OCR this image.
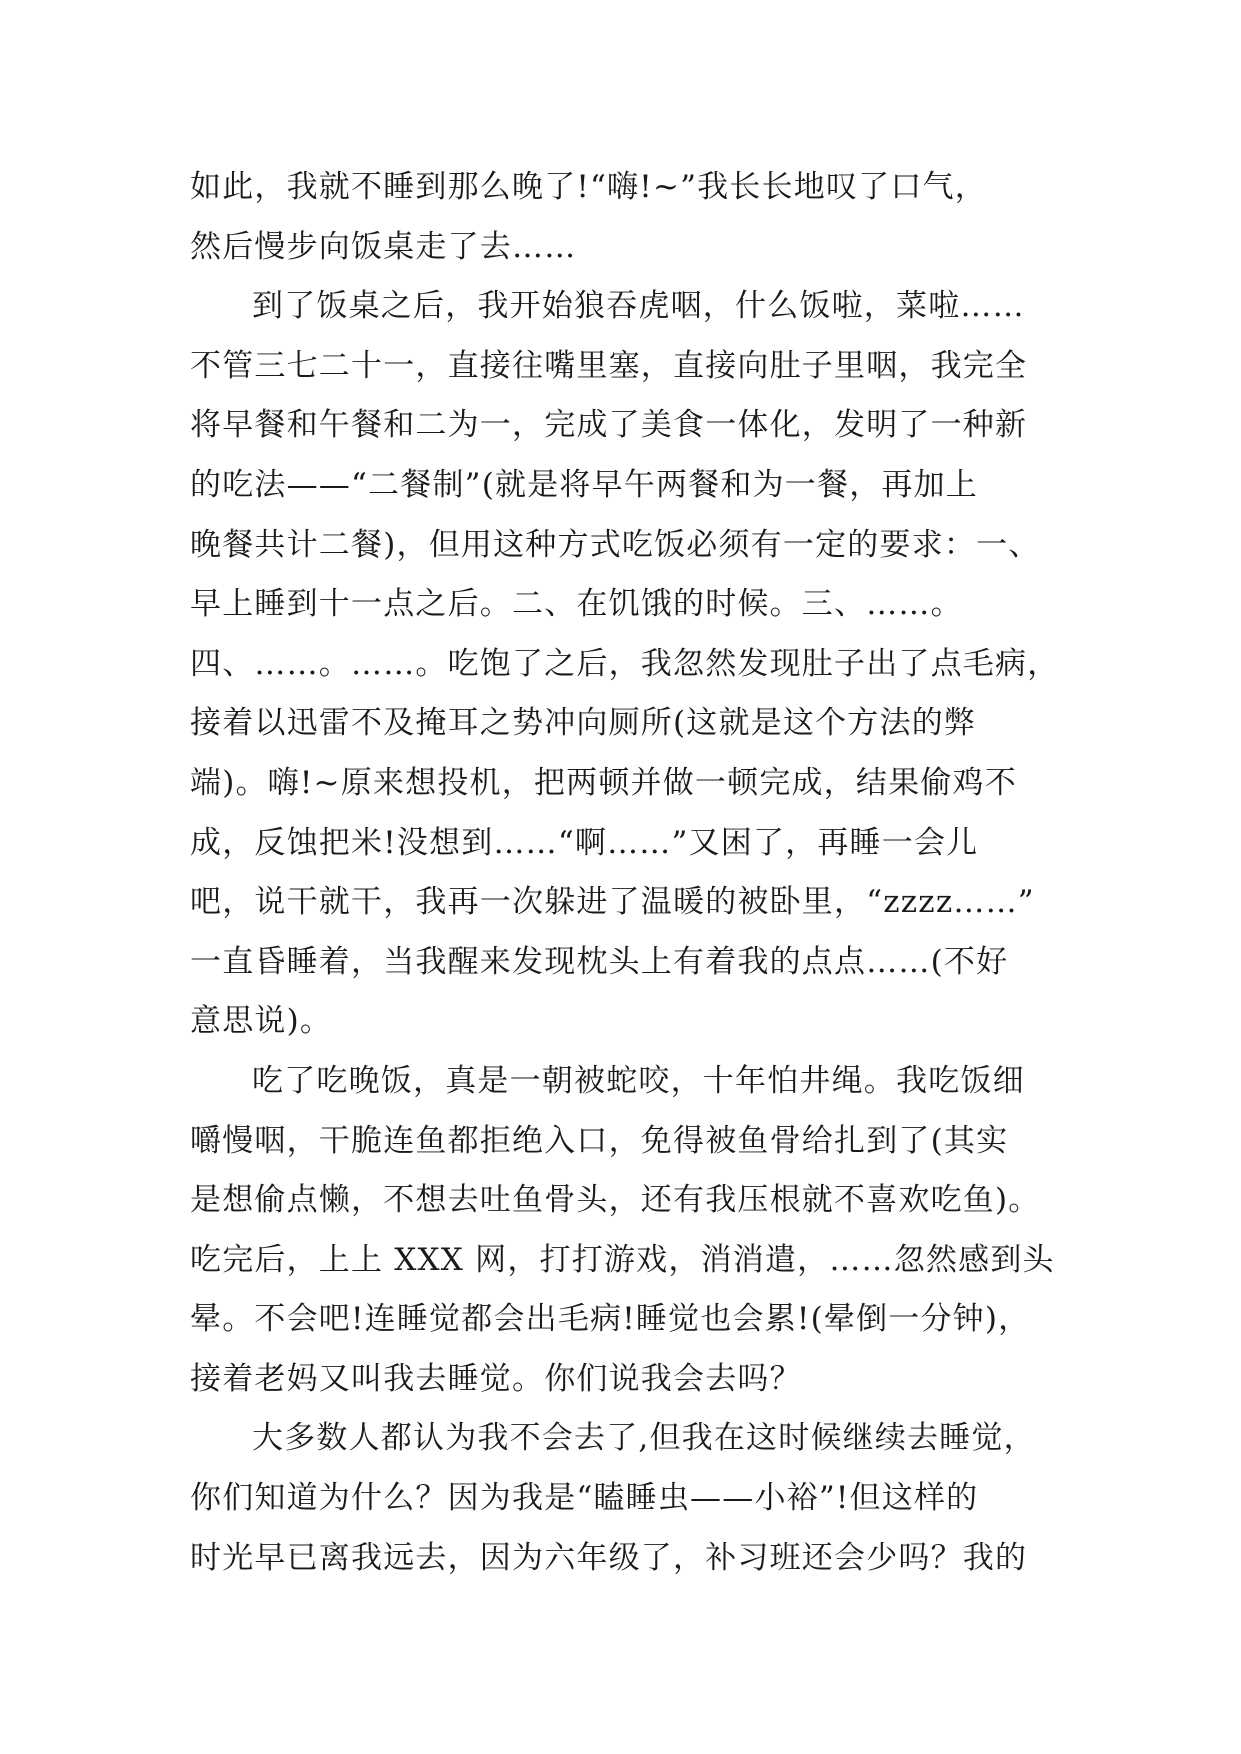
如此，我就不睡到那么晚了!“嗨!~”我长长地叹了口气，
然后慢步向饭桌走了去……
到了饭桌之后，我开始狼吞虎咽，什么饭啦，菜啦……
不管三七二十一，直接往嘴里塞，直接向肚子里咽，我完全
将早餐和午餐和二为一，完成了美食一体化，发明了一种新
的吃法——“二餐制”(就是将早午两餐和为一餐，再加上
晚餐共计二餐)，但用这种方式吃饭必须有一定的要求：一、
早上睡到十一点之后。二、在饥饿的时候。三、……。
四、……。……。吃饱了之后，我忽然发现肚子出了点毛病，
接着以迅雷不及掩耳之势冲向厕所(这就是这个方法的弊
端)。嗨!~原来想投机，把两顿并做一顿完成，结果偷鸡不
成，反蚀把米!没想到……“啊……”又困了，再睡一会儿
吧，说干就干，我再一次躲进了温暖的被卧里，“zzzz……”
一直昏睡着，当我醒来发现枕头上有着我的点点……(不好
意思说)。
吃了吃晚饭，真是一朝被蛇咬，十年怕井绳。我吃饭细
嚼慢咽，干脆连鱼都拒绝入口，免得被鱼骨给扎到了(其实
是想偷点懒，不想去吐鱼骨头，还有我压根就不喜欢吃鱼)。
吃完后，上上 XXX 网，打打游戏，消消遣，……忽然感到头
晕。不会吧!连睡觉都会出毛病!睡觉也会累!(晕倒一分钟)，
接着老妈又叫我去睡觉。你们说我会去吗？
大多数人都认为我不会去了,但我在这时候继续去睡觉，
你们知道为什么？因为我是“瞌睡虫——小裕”!但这样的
时光早已离我远去，因为六年级了，补习班还会少吗？我的
